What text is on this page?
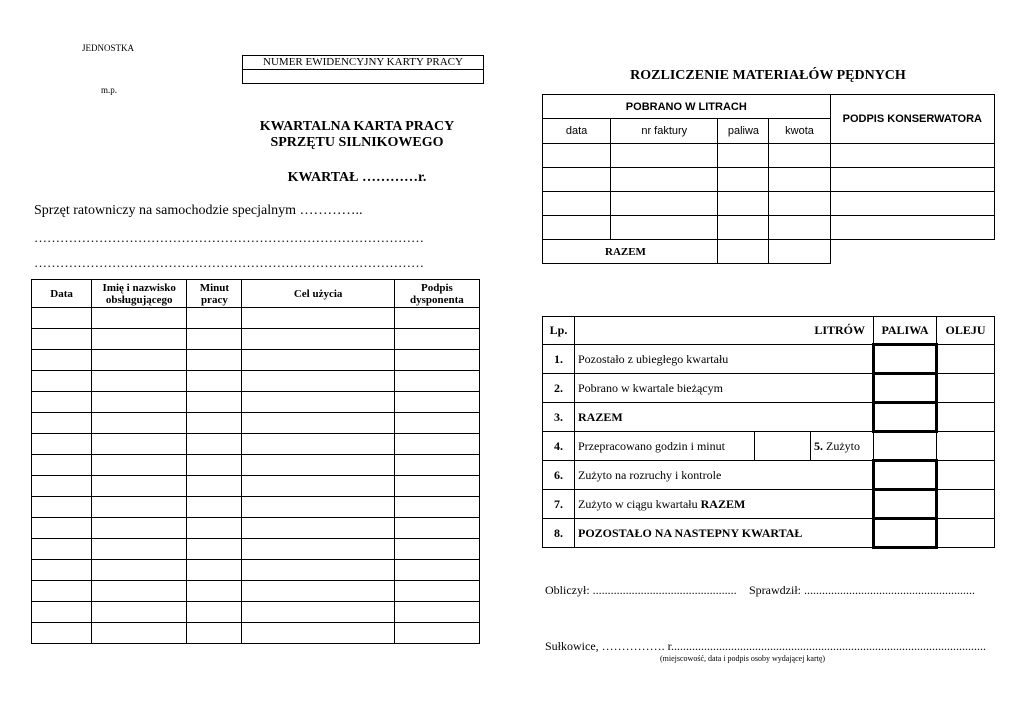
JEDNOSTKA
m.p.
NUMER EWIDENCYJNY KARTY PRACY

KWARTALNA KARTA PRACY
SPRZĘTU SILNIKOWEGO
KWARTAŁ …………r.
Sprzęt ratowniczy na samochodzie specjalnym …………..
………………………………………………………………………………
………………………………………………………………………………
Data	Imię i nazwisko obsługującego	Minut pracy	Cel użycia	Podpis dysponenta

ROZLICZENIE MATERIAŁÓW PĘDNYCH
POBRANO W LITRACH				PODPIS KONSERWATORA
data	nr faktury	paliwa	kwota	

RAZEM				
Lp.	LITRÓW			PALIWA	OLEJU
1.	Pozostało z ubiegłego kwartału				
2.	Pobrano w kwartale bieżącym				
3.	RAZEM				
4.	Przepracowano godzin i minut		5. Zużyto		
6.	Zużyto na rozruchy i kontrole				
7.	Zużyto w ciągu kwartału RAZEM				
8.	POZOSTAŁO NA NASTEPNY KWARTAŁ				
Obliczył: ................................................ Sprawdził: .........................................................
Sułkowice, ……………. r.........................................................................................................
(miejscowość, data i podpis osoby wydającej kartę)
